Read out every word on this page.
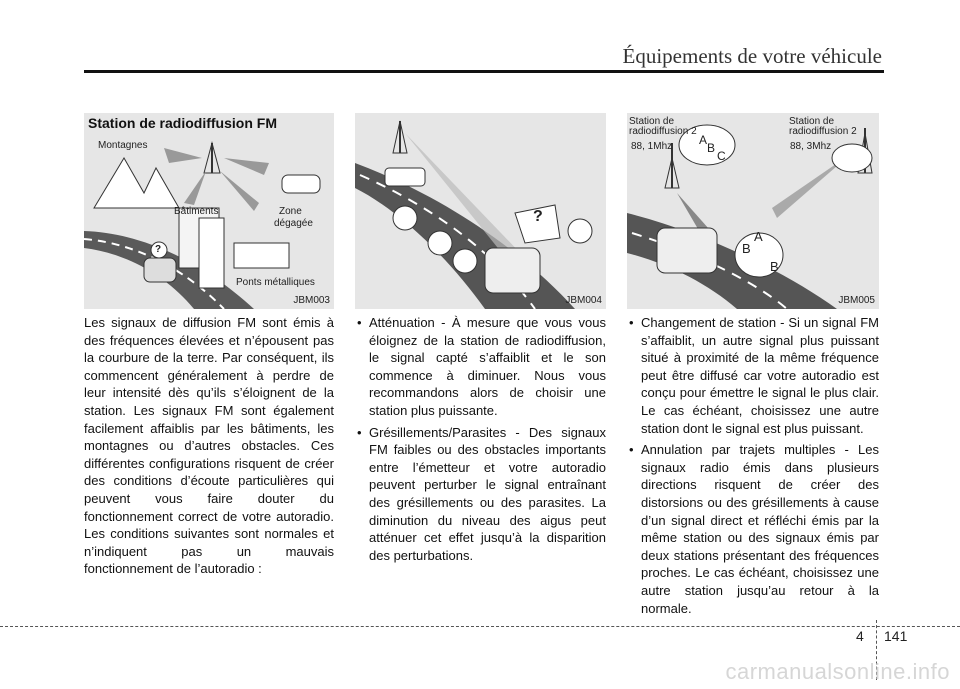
Équipements de votre véhicule
Station de radiodiffusion FM
Montagnes
Bâtiments	Zone
dégagée
Ponts métalliques
?
JBM003
?
JBM004
Station de
radiodiffusion 2
88, 1Mhz
Station de
radiodiffusion 2
88, 3Mhz
A
B
C
A
B
B
JBM005
Les signaux de diffusion FM sont émis à des fréquences élevées et n’épousent pas la courbure de la terre. Par conséquent, ils commencent généralement à perdre de leur intensité dès qu’ils s’éloignent de la station. Les signaux FM sont également facilement affaiblis par les bâtiments, les montagnes ou d’autres obstacles. Ces différentes configurations risquent de créer des conditions d’écoute particulières qui peuvent vous faire douter du fonctionnement correct de votre autoradio. Les conditions suivantes sont normales et n’indiquent pas un mauvais fonctionnement de l’autoradio :
• Atténuation - À mesure que vous vous éloignez de la station de radiodiffusion, le signal capté s’affaiblit et le son commence à diminuer. Nous vous recommandons alors de choisir une station plus puissante.
• Grésillements/Parasites - Des signaux FM faibles ou des obstacles importants entre l’émetteur et votre autoradio peuvent perturber le signal entraînant des grésillements ou des parasites. La diminution du niveau des aigus peut atténuer cet effet jusqu’à la disparition des perturbations.
• Changement de station - Si un signal FM s’affaiblit, un autre signal plus puissant situé à proximité de la même fréquence peut être diffusé car votre autoradio est conçu pour émettre le signal le plus clair. Le cas échéant, choisissez une autre station dont le signal est plus puissant.
• Annulation par trajets multiples - Les signaux radio émis dans plusieurs directions risquent de créer des distorsions ou des grésillements à cause d’un signal direct et réfléchi émis par la même station ou des signaux émis par deux stations présentant des fréquences proches. Le cas échéant, choisissez une autre station jusqu’au retour à la normale.
4 141
carmanualsonline.info
